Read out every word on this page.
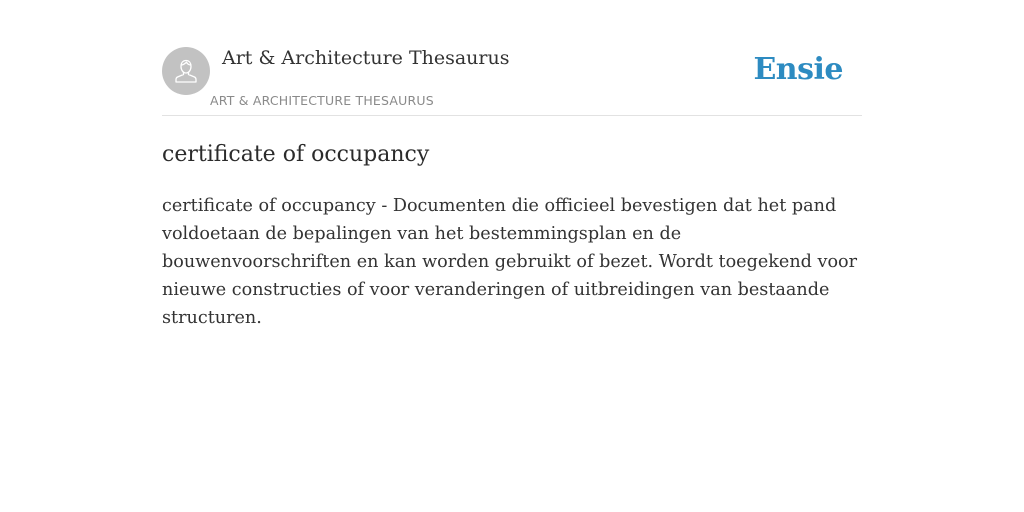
Art & Architecture Thesaurus
ART & ARCHITECTURE THESAURUS
Ensie
certificate of occupancy

certificate of occupancy - Documenten die officieel bevestigen dat het pand voldoetaan de bepalingen van het bestemmingsplan en de bouwenvoorschriften en kan worden gebruikt of bezet. Wordt toegekend voor nieuwe constructies of voor veranderingen of uitbreidingen van bestaande structuren.
